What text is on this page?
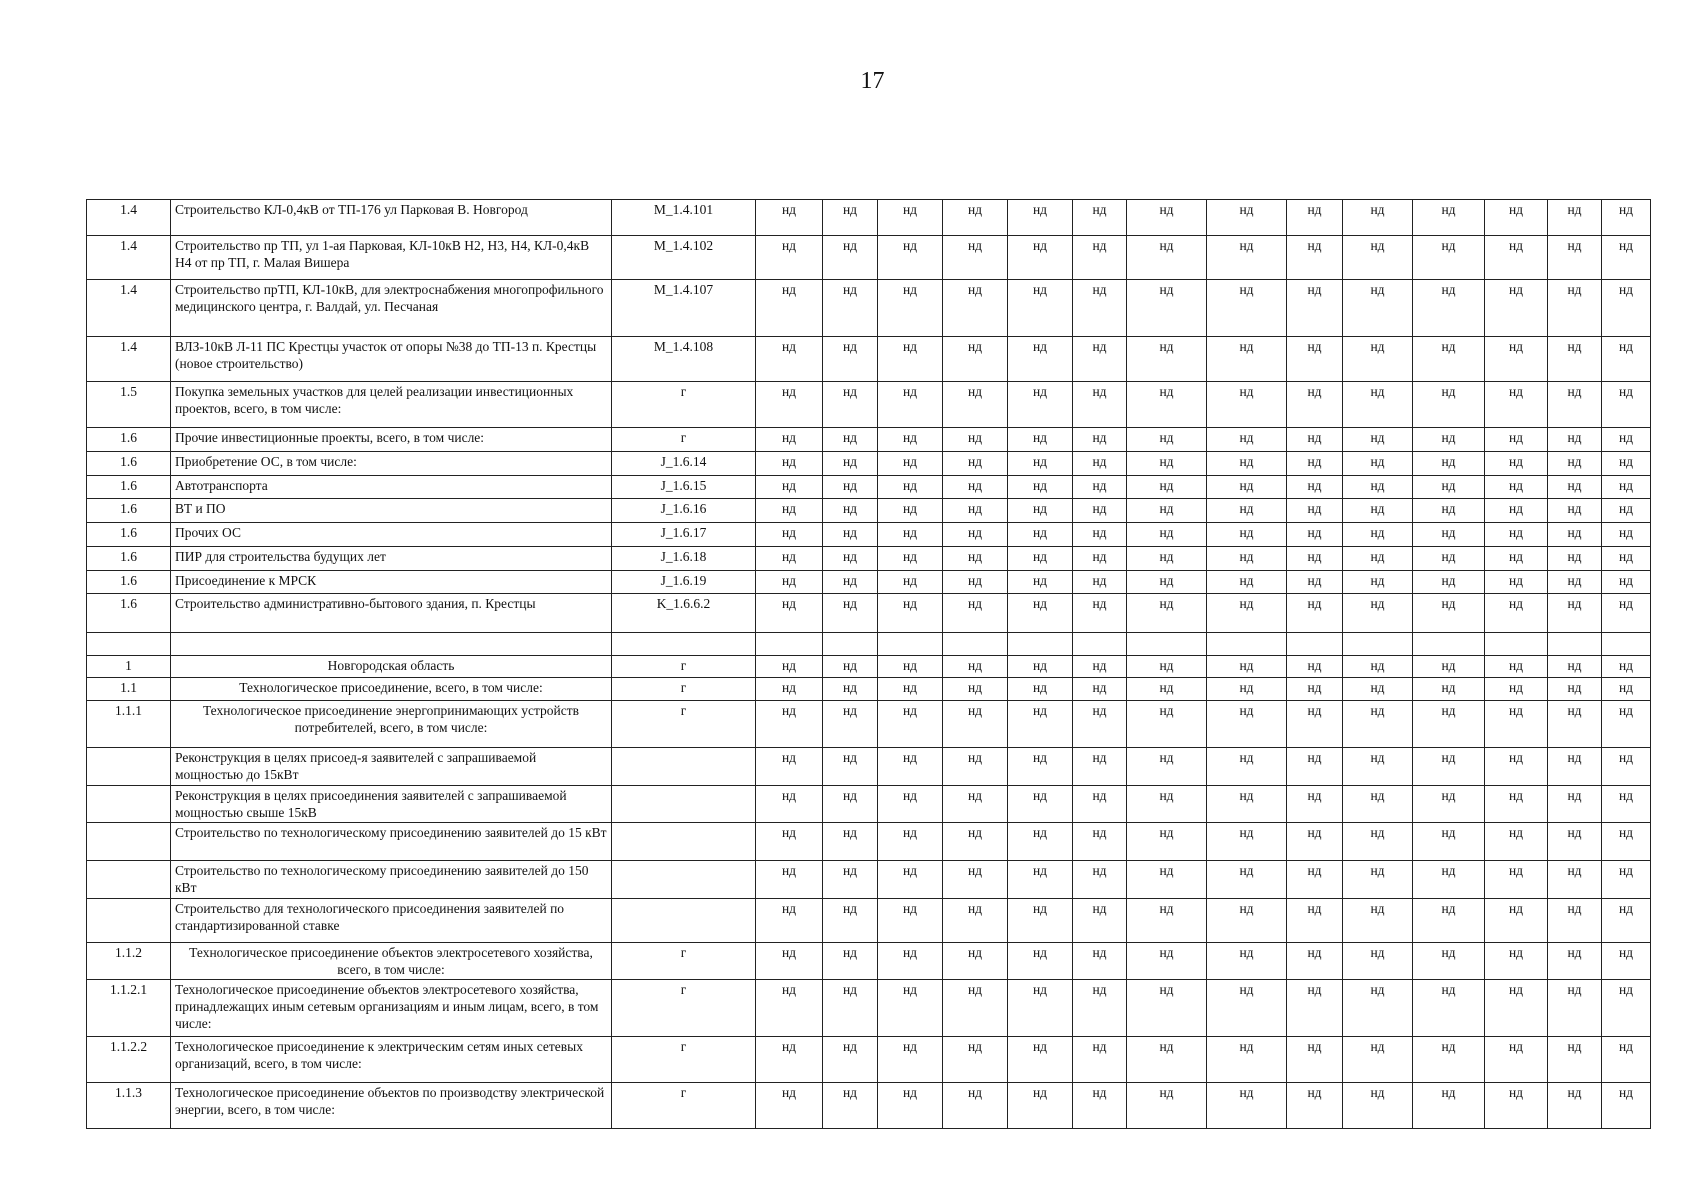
17
1.4	Строительство КЛ-0,4кВ от ТП-176 ул Парковая В. Новгород	M_1.4.101	нд	нд	нд	нд	нд	нд	нд	нд	нд	нд	нд	нд	нд	нд
1.4	Строительство пр ТП, ул 1-ая Парковая, КЛ-10кВ Н2, Н3, Н4, КЛ-0,4кВ Н4 от пр ТП, г. Малая Вишера	M_1.4.102	нд	нд	нд	нд	нд	нд	нд	нд	нд	нд	нд	нд	нд	нд
1.4	Строительство прТП, КЛ-10кВ, для электроснабжения многопрофильного медицинского центра, г. Валдай, ул. Песчаная	M_1.4.107	нд	нд	нд	нд	нд	нд	нд	нд	нд	нд	нд	нд	нд	нд
1.4	ВЛЗ-10кВ Л-11 ПС Крестцы участок от опоры №38 до ТП-13 п. Крестцы (новое строительство)	M_1.4.108	нд	нд	нд	нд	нд	нд	нд	нд	нд	нд	нд	нд	нд	нд
1.5	Покупка земельных участков для целей реализации инвестиционных проектов, всего, в том числе:	г	нд	нд	нд	нд	нд	нд	нд	нд	нд	нд	нд	нд	нд	нд
1.6	Прочие инвестиционные проекты, всего, в том числе:	г	нд	нд	нд	нд	нд	нд	нд	нд	нд	нд	нд	нд	нд	нд
1.6	Приобретение ОС, в том числе:	J_1.6.14	нд	нд	нд	нд	нд	нд	нд	нд	нд	нд	нд	нд	нд	нд
1.6	Автотранспорта	J_1.6.15	нд	нд	нд	нд	нд	нд	нд	нд	нд	нд	нд	нд	нд	нд
1.6	ВТ и ПО	J_1.6.16	нд	нд	нд	нд	нд	нд	нд	нд	нд	нд	нд	нд	нд	нд
1.6	Прочих ОС	J_1.6.17	нд	нд	нд	нд	нд	нд	нд	нд	нд	нд	нд	нд	нд	нд
1.6	ПИР для строительства будущих лет	J_1.6.18	нд	нд	нд	нд	нд	нд	нд	нд	нд	нд	нд	нд	нд	нд
1.6	Присоединение к МРСК	J_1.6.19	нд	нд	нд	нд	нд	нд	нд	нд	нд	нд	нд	нд	нд	нд
1.6	Строительство административно-бытового здания, п. Крестцы	K_1.6.6.2	нд	нд	нд	нд	нд	нд	нд	нд	нд	нд	нд	нд	нд	нд

1	Новгородская область	г	нд	нд	нд	нд	нд	нд	нд	нд	нд	нд	нд	нд	нд	нд
1.1	Технологическое присоединение, всего, в том числе:	г	нд	нд	нд	нд	нд	нд	нд	нд	нд	нд	нд	нд	нд	нд
1.1.1	Технологическое присоединение энергопринимающих устройств потребителей, всего, в том числе:	г	нд	нд	нд	нд	нд	нд	нд	нд	нд	нд	нд	нд	нд	нд
	Реконструкция в целях присоед-я заявителей с запрашиваемой мощностью до 15кВт		нд	нд	нд	нд	нд	нд	нд	нд	нд	нд	нд	нд	нд	нд
	Реконструкция в целях присоединения заявителей с запрашиваемой мощностью свыше 15кВ		нд	нд	нд	нд	нд	нд	нд	нд	нд	нд	нд	нд	нд	нд
	Строительство по технологическому присоединению заявителей до 15 кВт		нд	нд	нд	нд	нд	нд	нд	нд	нд	нд	нд	нд	нд	нд
	Строительство по технологическому присоединению заявителей до 150 кВт		нд	нд	нд	нд	нд	нд	нд	нд	нд	нд	нд	нд	нд	нд
	Строительство для технологического присоединения заявителей по стандартизированной ставке		нд	нд	нд	нд	нд	нд	нд	нд	нд	нд	нд	нд	нд	нд
1.1.2	Технологическое присоединение объектов электросетевого хозяйства, всего, в том числе:	г	нд	нд	нд	нд	нд	нд	нд	нд	нд	нд	нд	нд	нд	нд
1.1.2.1	Технологическое присоединение объектов электросетевого хозяйства, принадлежащих иным сетевым организациям и иным лицам, всего, в том числе:	г	нд	нд	нд	нд	нд	нд	нд	нд	нд	нд	нд	нд	нд	нд
1.1.2.2	Технологическое присоединение к электрическим сетям иных сетевых организаций, всего, в том числе:	г	нд	нд	нд	нд	нд	нд	нд	нд	нд	нд	нд	нд	нд	нд
1.1.3	Технологическое присоединение объектов по производству электрической энергии, всего, в том числе:	г	нд	нд	нд	нд	нд	нд	нд	нд	нд	нд	нд	нд	нд	нд
